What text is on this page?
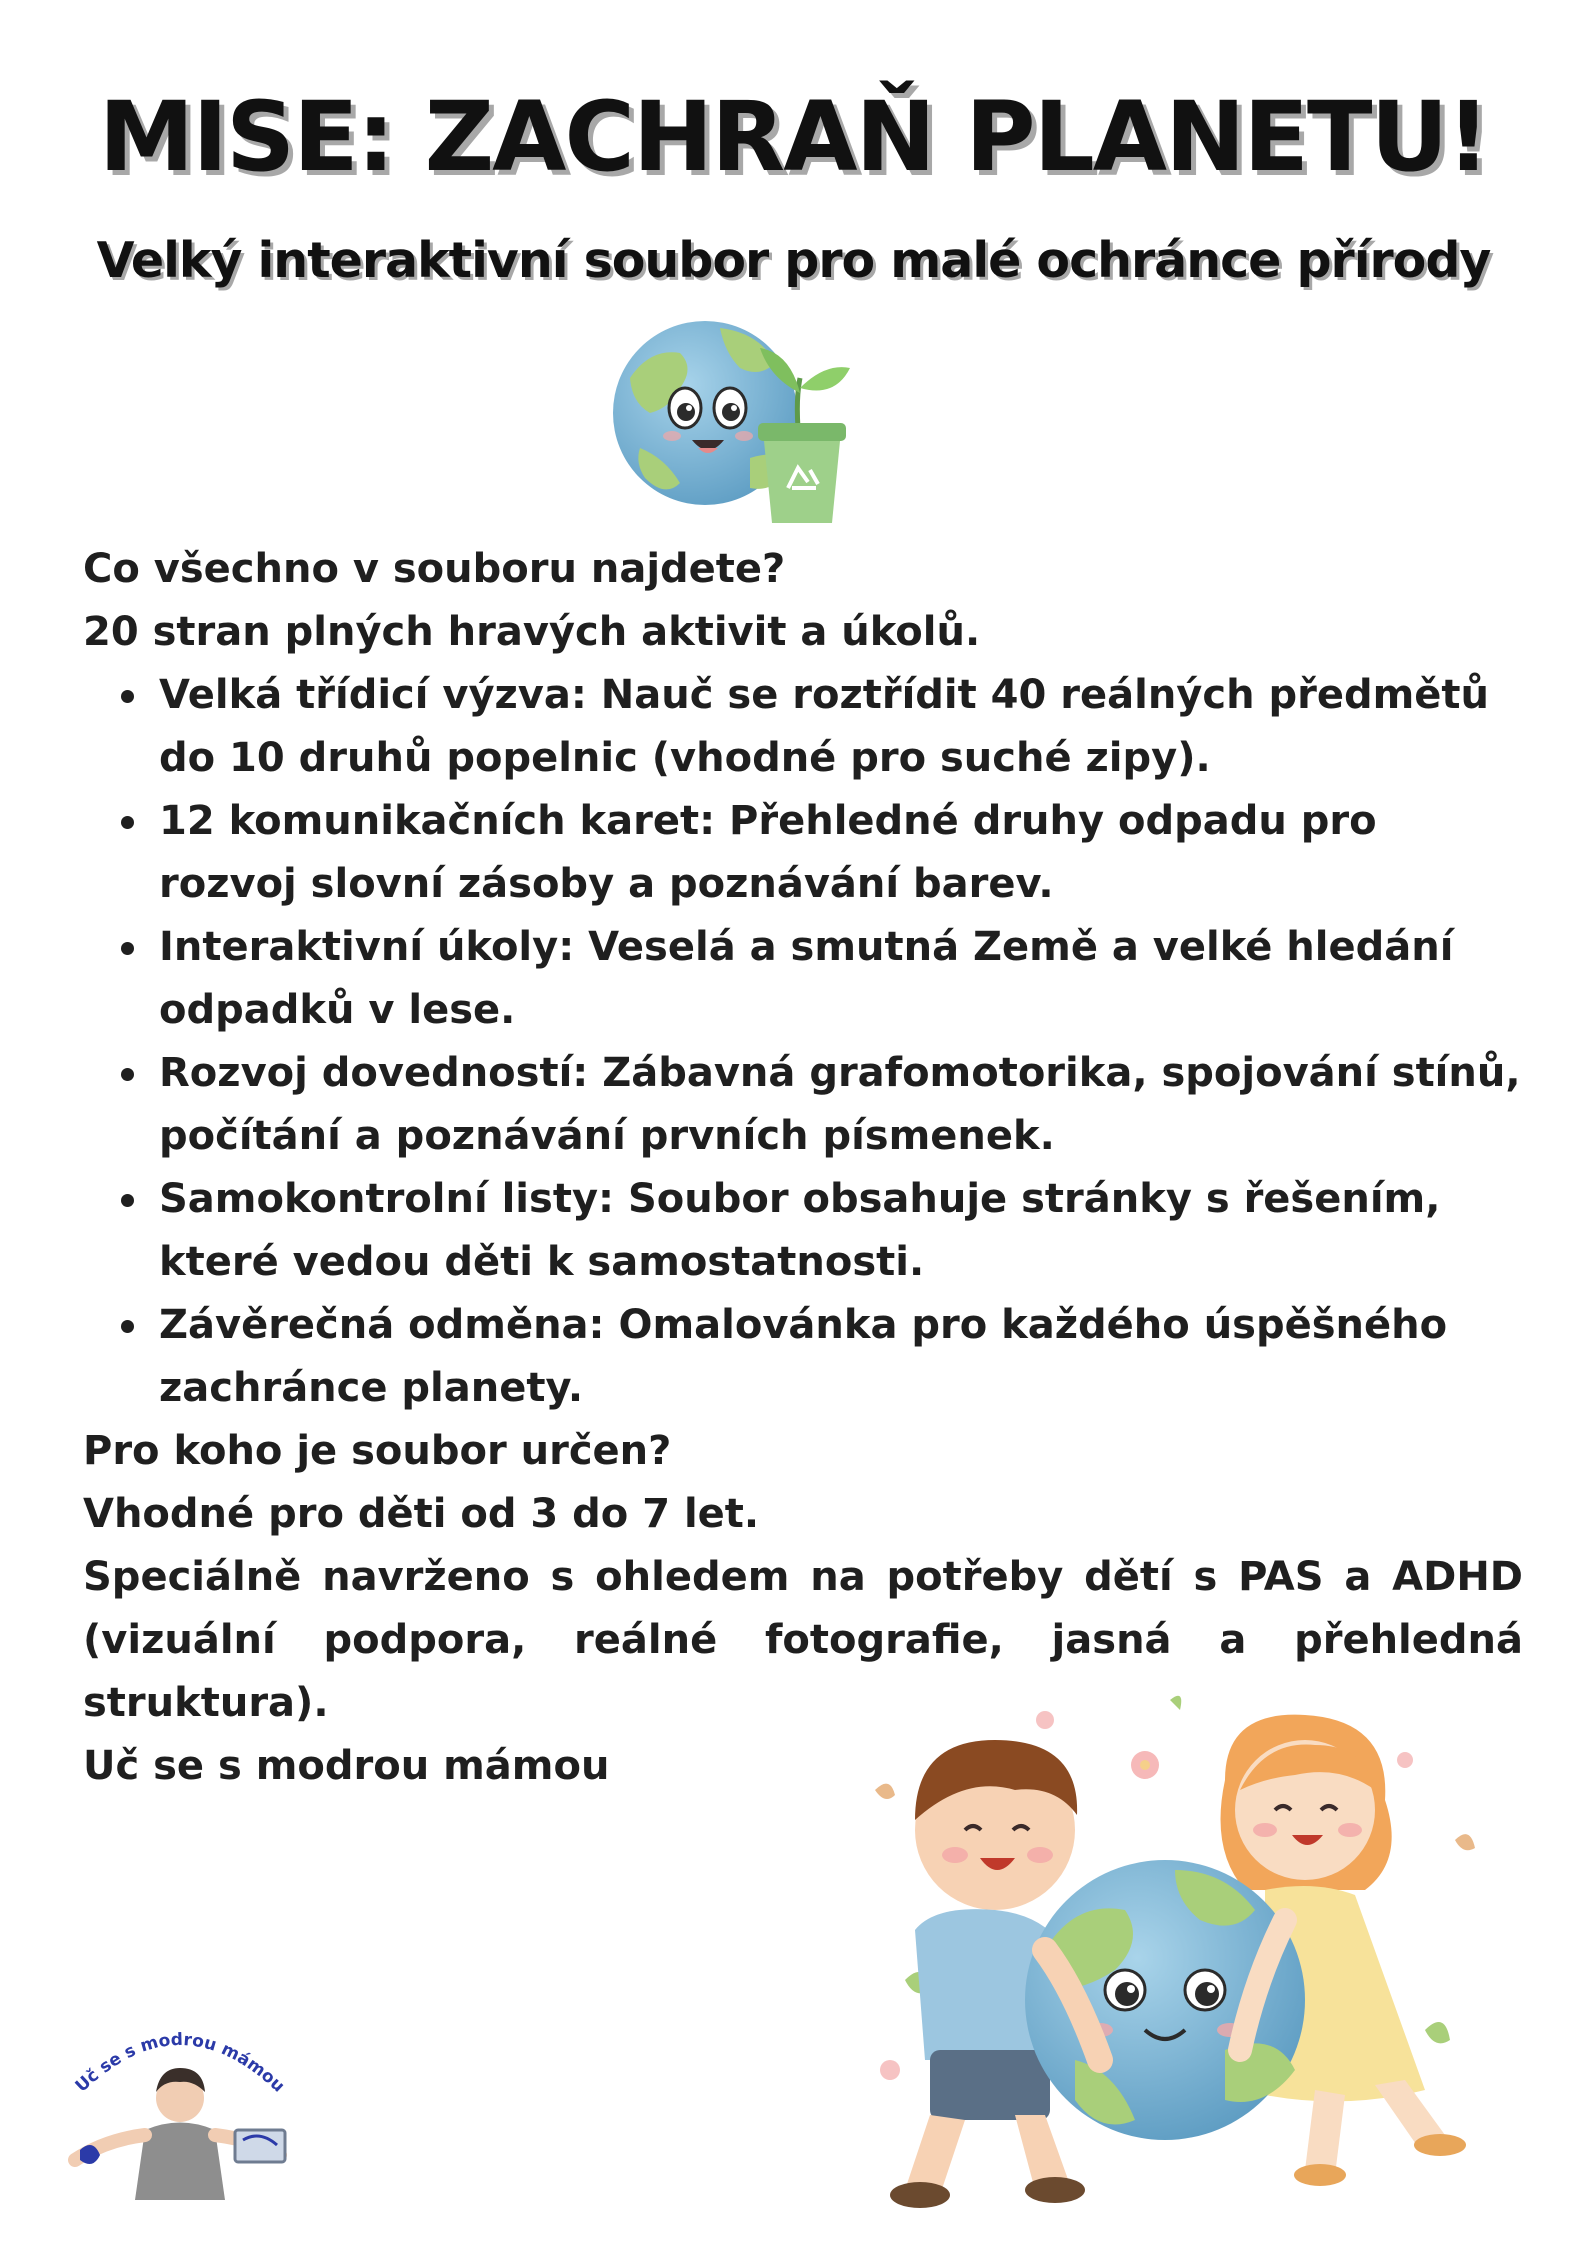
MISE: ZACHRAŇ PLANETU!
Velký interaktivní soubor pro malé ochránce přírody

Co všechno v souboru najdete?

20 stran plných hravých aktivit a úkolů.

Velká třídicí výzva: Nauč se roztřídit 40 reálných předmětů do 10 druhů popelnic (vhodné pro suché zipy).
12 komunikačních karet: Přehledné druhy odpadu pro rozvoj slovní zásoby a poznávání barev.
Interaktivní úkoly: Veselá a smutná Země a velké hledání odpadků v lese.
Rozvoj dovedností: Zábavná grafomotorika, spojování stínů, počítání a poznávání prvních písmenek.
Samokontrolní listy: Soubor obsahuje stránky s řešením, které vedou děti k samostatnosti.
Závěrečná odměna: Omalovánka pro každého úspěšného zachránce planety.

Pro koho je soubor určen?

Vhodné pro děti od 3 do 7 let.

Speciálně navrženo s ohledem na potřeby dětí s PAS a ADHD (vizuální podpora, reálné fotografie, jasná a přehledná struktura).

Uč se s modrou mámou

Uč se s modrou mámou
